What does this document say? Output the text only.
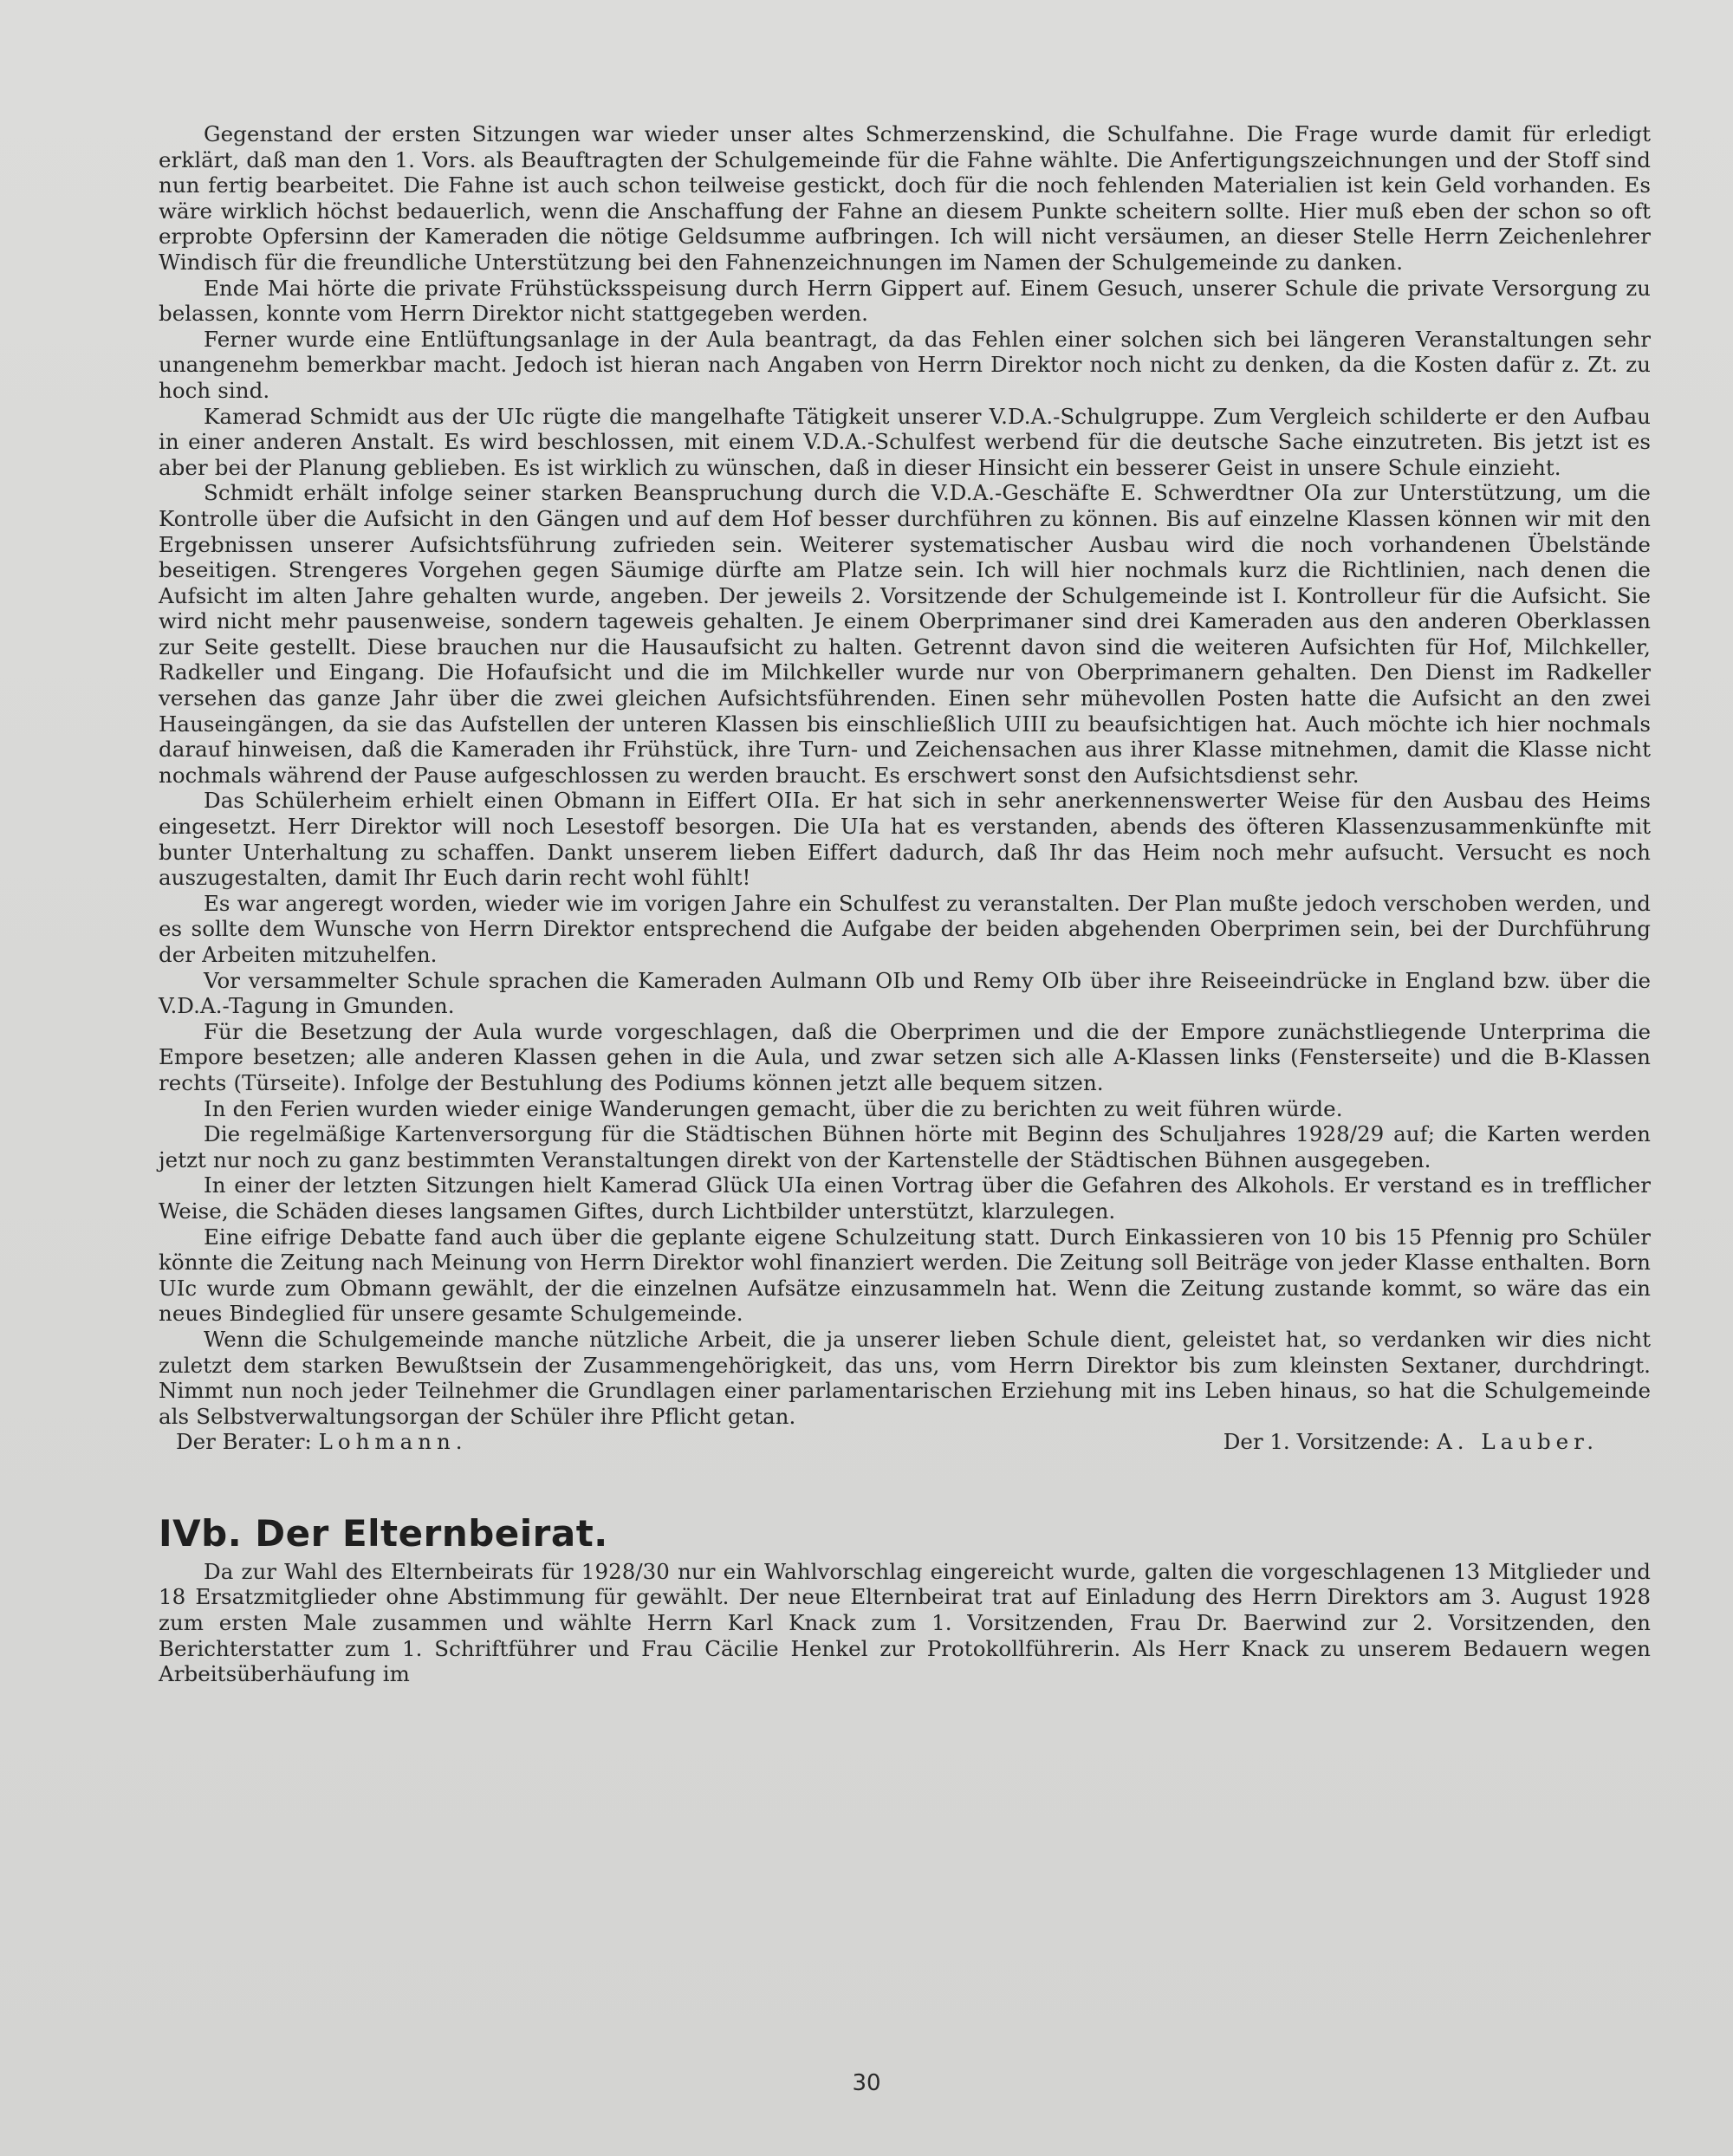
Gegenstand der ersten Sitzungen war wieder unser altes Schmerzenskind, die Schulfahne. Die Frage wurde damit für erledigt erklärt, daß man den 1. Vors. als Beauftragten der Schulgemeinde für die Fahne wählte. Die Anfertigungszeichnungen und der Stoff sind nun fertig bearbeitet. Die Fahne ist auch schon teilweise gestickt, doch für die noch fehlenden Materialien ist kein Geld vorhanden. Es wäre wirklich höchst bedauerlich, wenn die Anschaffung der Fahne an diesem Punkte scheitern sollte. Hier muß eben der schon so oft erprobte Opfersinn der Kameraden die nötige Geldsumme aufbringen. Ich will nicht versäumen, an dieser Stelle Herrn Zeichenlehrer Windisch für die freundliche Unterstützung bei den Fahnenzeichnungen im Namen der Schulgemeinde zu danken.

Ende Mai hörte die private Frühstücksspeisung durch Herrn Gippert auf. Einem Gesuch, unserer Schule die private Versorgung zu belassen, konnte vom Herrn Direktor nicht stattgegeben werden.

Ferner wurde eine Entlüftungsanlage in der Aula beantragt, da das Fehlen einer solchen sich bei längeren Veranstaltungen sehr unangenehm bemerkbar macht. Jedoch ist hieran nach Angaben von Herrn Direktor noch nicht zu denken, da die Kosten dafür z. Zt. zu hoch sind.

Kamerad Schmidt aus der UIc rügte die mangelhafte Tätigkeit unserer V.D.A.-Schulgruppe. Zum Vergleich schilderte er den Aufbau in einer anderen Anstalt. Es wird beschlossen, mit einem V.D.A.-Schulfest werbend für die deutsche Sache einzutreten. Bis jetzt ist es aber bei der Planung geblieben. Es ist wirklich zu wünschen, daß in dieser Hinsicht ein besserer Geist in unsere Schule einzieht.

Schmidt erhält infolge seiner starken Beanspruchung durch die V.D.A.-Geschäfte E. Schwerdtner OIa zur Unterstützung, um die Kontrolle über die Aufsicht in den Gängen und auf dem Hof besser durchführen zu können. Bis auf einzelne Klassen können wir mit den Ergebnissen unserer Aufsichtsführung zufrieden sein. Weiterer systematischer Ausbau wird die noch vorhandenen Übelstände beseitigen. Strengeres Vorgehen gegen Säumige dürfte am Platze sein. Ich will hier nochmals kurz die Richtlinien, nach denen die Aufsicht im alten Jahre gehalten wurde, angeben. Der jeweils 2. Vorsitzende der Schulgemeinde ist I. Kontrolleur für die Aufsicht. Sie wird nicht mehr pausenweise, sondern tageweis gehalten. Je einem Oberprimaner sind drei Kameraden aus den anderen Oberklassen zur Seite gestellt. Diese brauchen nur die Hausaufsicht zu halten. Getrennt davon sind die weiteren Aufsichten für Hof, Milchkeller, Radkeller und Eingang. Die Hofaufsicht und die im Milchkeller wurde nur von Oberprimanern gehalten. Den Dienst im Radkeller versehen das ganze Jahr über die zwei gleichen Aufsichtsführenden. Einen sehr mühevollen Posten hatte die Aufsicht an den zwei Hauseingängen, da sie das Aufstellen der unteren Klassen bis einschließlich UIII zu beaufsichtigen hat. Auch möchte ich hier nochmals darauf hinweisen, daß die Kameraden ihr Frühstück, ihre Turn- und Zeichensachen aus ihrer Klasse mitnehmen, damit die Klasse nicht nochmals während der Pause aufgeschlossen zu werden braucht. Es erschwert sonst den Aufsichtsdienst sehr.

Das Schülerheim erhielt einen Obmann in Eiffert OIIa. Er hat sich in sehr anerkennenswerter Weise für den Ausbau des Heims eingesetzt. Herr Direktor will noch Lesestoff besorgen. Die UIa hat es verstanden, abends des öfteren Klassenzusammenkünfte mit bunter Unterhaltung zu schaffen. Dankt unserem lieben Eiffert dadurch, daß Ihr das Heim noch mehr aufsucht. Versucht es noch auszugestalten, damit Ihr Euch darin recht wohl fühlt!

Es war angeregt worden, wieder wie im vorigen Jahre ein Schulfest zu veranstalten. Der Plan mußte jedoch verschoben werden, und es sollte dem Wunsche von Herrn Direktor entsprechend die Aufgabe der beiden abgehenden Oberprimen sein, bei der Durchführung der Arbeiten mitzuhelfen.

Vor versammelter Schule sprachen die Kameraden Aulmann OIb und Remy OIb über ihre Reiseeindrücke in England bzw. über die V.D.A.-Tagung in Gmunden.

Für die Besetzung der Aula wurde vorgeschlagen, daß die Oberprimen und die der Empore zunächstliegende Unterprima die Empore besetzen; alle anderen Klassen gehen in die Aula, und zwar setzen sich alle A-Klassen links (Fensterseite) und die B-Klassen rechts (Türseite). Infolge der Bestuhlung des Podiums können jetzt alle bequem sitzen.

In den Ferien wurden wieder einige Wanderungen gemacht, über die zu berichten zu weit führen würde.

Die regelmäßige Kartenversorgung für die Städtischen Bühnen hörte mit Beginn des Schuljahres 1928/29 auf; die Karten werden jetzt nur noch zu ganz bestimmten Veranstaltungen direkt von der Kartenstelle der Städtischen Bühnen ausgegeben.

In einer der letzten Sitzungen hielt Kamerad Glück UIa einen Vortrag über die Gefahren des Alkohols. Er verstand es in trefflicher Weise, die Schäden dieses langsamen Giftes, durch Lichtbilder unterstützt, klarzulegen.

Eine eifrige Debatte fand auch über die geplante eigene Schulzeitung statt. Durch Einkassieren von 10 bis 15 Pfennig pro Schüler könnte die Zeitung nach Meinung von Herrn Direktor wohl finanziert werden. Die Zeitung soll Beiträge von jeder Klasse enthalten. Born UIc wurde zum Obmann gewählt, der die einzelnen Aufsätze einzusammeln hat. Wenn die Zeitung zustande kommt, so wäre das ein neues Bindeglied für unsere gesamte Schulgemeinde.

Wenn die Schulgemeinde manche nützliche Arbeit, die ja unserer lieben Schule dient, geleistet hat, so verdanken wir dies nicht zuletzt dem starken Bewußtsein der Zusammengehörigkeit, das uns, vom Herrn Direktor bis zum kleinsten Sextaner, durchdringt. Nimmt nun noch jeder Teilnehmer die Grundlagen einer parlamentarischen Erziehung mit ins Leben hinaus, so hat die Schulgemeinde als Selbstverwaltungsorgan der Schüler ihre Pflicht getan.

Der Berater: Lohmann.	Der 1. Vorsitzende: A. Lauber.
IVb. Der Elternbeirat.

Da zur Wahl des Elternbeirats für 1928/30 nur ein Wahlvorschlag eingereicht wurde, galten die vorgeschlagenen 13 Mitglieder und 18 Ersatzmitglieder ohne Abstimmung für gewählt. Der neue Elternbeirat trat auf Einladung des Herrn Direktors am 3. August 1928 zum ersten Male zusammen und wählte Herrn Karl Knack zum 1. Vorsitzenden, Frau Dr. Baerwind zur 2. Vorsitzenden, den Berichterstatter zum 1. Schriftführer und Frau Cäcilie Henkel zur Protokollführerin. Als Herr Knack zu unserem Bedauern wegen Arbeitsüberhäufung im

30
